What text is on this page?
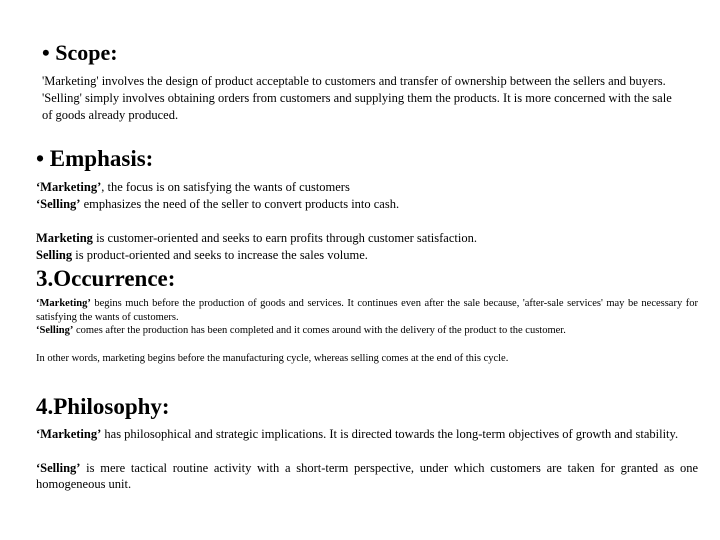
• Scope:

'Marketing' involves the design of product acceptable to customers and transfer of ownership between the sellers and buyers.

'Selling' simply involves obtaining orders from customers and supplying them the products. It is more concerned with the sale of goods already produced.

• Emphasis:

‘Marketing’, the focus is on satisfying the wants of customers

‘Selling’ emphasizes the need of the seller to convert products into cash.

Marketing is customer-oriented and seeks to earn profits through customer satisfaction.

Selling is product-oriented and seeks to increase the sales volume.

3.Occurrence:

‘Marketing’ begins much before the production of goods and services. It continues even after the sale because, 'after-sale services' may be necessary for satisfying the wants of customers.

‘Selling’ comes after the production has been completed and it comes around with the delivery of the product to the customer.

In other words, marketing begins before the manufacturing cycle, whereas selling comes at the end of this cycle.

4.Philosophy:

‘Marketing’ has philosophical and strategic implications. It is directed towards the long-term objectives of growth and stability.

‘Selling’ is mere tactical routine activity with a short-term perspective, under which customers are taken for granted as one homogeneous unit.
